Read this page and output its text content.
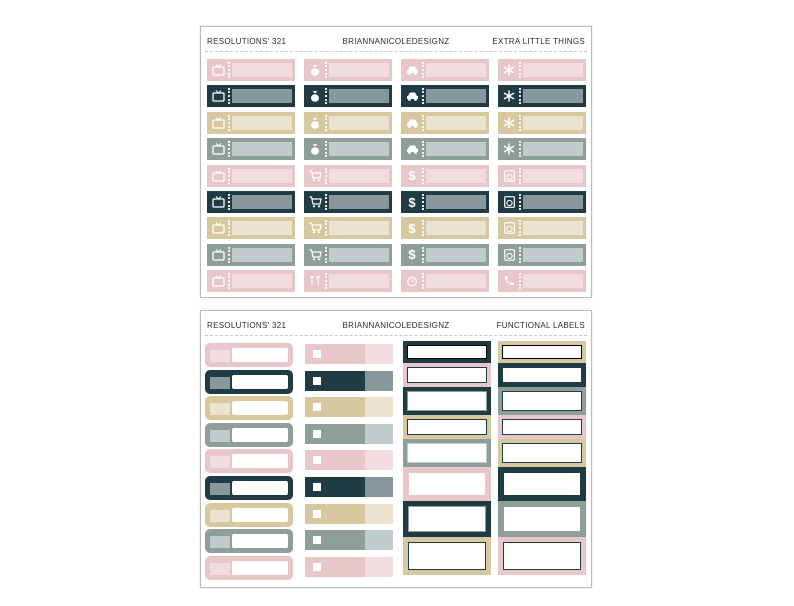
RESOLUTIONS' 321	BRIANNANICOLEDESIGNZ	EXTRA LITTLE THINGS
$
$
$
$
RESOLUTIONS' 321	BRIANNANICOLEDESIGNZ	FUNCTIONAL LABELS
